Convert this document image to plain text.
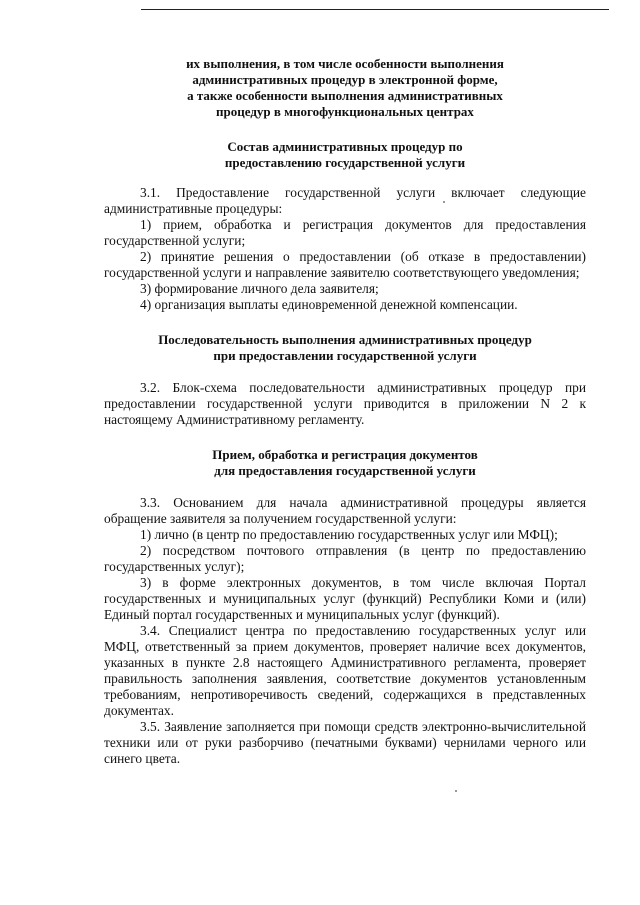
их выполнения, в том числе особенности выполнения
административных процедур в электронной форме,
а также особенности выполнения административных
процедур в многофункциональных центрах
Состав административных процедур по
предоставлению государственной услуги
3.1. Предоставление государственной услуги включает следующие административные процедуры:
1) прием, обработка и регистрация документов для предоставления государственной услуги;
2) принятие решения о предоставлении (об отказе в предоставлении) государственной услуги и направление заявителю соответствующего уведомления;
3) формирование личного дела заявителя;
4) организация выплаты единовременной денежной компенсации.
Последовательность выполнения административных процедур
при предоставлении государственной услуги
3.2. Блок-схема последовательности административных процедур при предоставлении государственной услуги приводится в приложении N 2 к настоящему Административному регламенту.
Прием, обработка и регистрация документов
для предоставления государственной услуги
3.3. Основанием для начала административной процедуры является обращение заявителя за получением государственной услуги:
1) лично (в центр по предоставлению государственных услуг или МФЦ);
2) посредством почтового отправления (в центр по предоставлению государственных услуг);
3) в форме электронных документов, в том числе включая Портал государственных и муниципальных услуг (функций) Республики Коми и (или) Единый портал государственных и муниципальных услуг (функций).
3.4. Специалист центра по предоставлению государственных услуг или МФЦ, ответственный за прием документов, проверяет наличие всех документов, указанных в пункте 2.8 настоящего Административного регламента, проверяет правильность заполнения заявления, соответствие документов установленным требованиям, непротиворечивость сведений, содержащихся в представленных документах.
3.5. Заявление заполняется при помощи средств электронно-вычислительной техники или от руки разборчиво (печатными буквами) чернилами черного или синего цвета.
